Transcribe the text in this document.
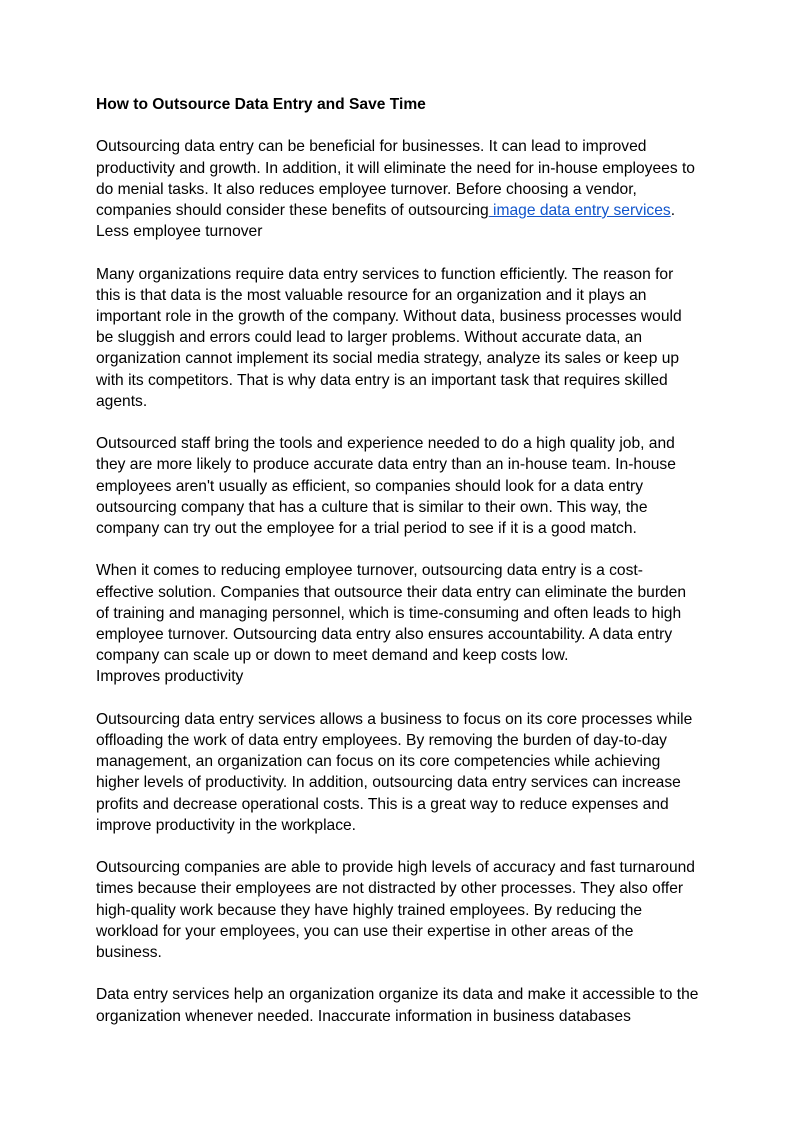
How to Outsource Data Entry and Save Time

Outsourcing data entry can be beneficial for businesses. It can lead to improved productivity and growth. In addition, it will eliminate the need for in-house employees to do menial tasks. It also reduces employee turnover. Before choosing a vendor, companies should consider these benefits of outsourcing image data entry services.
Less employee turnover

Many organizations require data entry services to function efficiently. The reason for this is that data is the most valuable resource for an organization and it plays an important role in the growth of the company. Without data, business processes would be sluggish and errors could lead to larger problems. Without accurate data, an organization cannot implement its social media strategy, analyze its sales or keep up with its competitors. That is why data entry is an important task that requires skilled agents.

Outsourced staff bring the tools and experience needed to do a high quality job, and they are more likely to produce accurate data entry than an in-house team. In-house employees aren't usually as efficient, so companies should look for a data entry outsourcing company that has a culture that is similar to their own. This way, the company can try out the employee for a trial period to see if it is a good match.

When it comes to reducing employee turnover, outsourcing data entry is a cost-effective solution. Companies that outsource their data entry can eliminate the burden of training and managing personnel, which is time-consuming and often leads to high employee turnover. Outsourcing data entry also ensures accountability. A data entry company can scale up or down to meet demand and keep costs low.
Improves productivity

Outsourcing data entry services allows a business to focus on its core processes while offloading the work of data entry employees. By removing the burden of day-to-day management, an organization can focus on its core competencies while achieving higher levels of productivity. In addition, outsourcing data entry services can increase profits and decrease operational costs. This is a great way to reduce expenses and improve productivity in the workplace.

Outsourcing companies are able to provide high levels of accuracy and fast turnaround times because their employees are not distracted by other processes. They also offer high-quality work because they have highly trained employees. By reducing the workload for your employees, you can use their expertise in other areas of the business.

Data entry services help an organization organize its data and make it accessible to the organization whenever needed. Inaccurate information in business databases
